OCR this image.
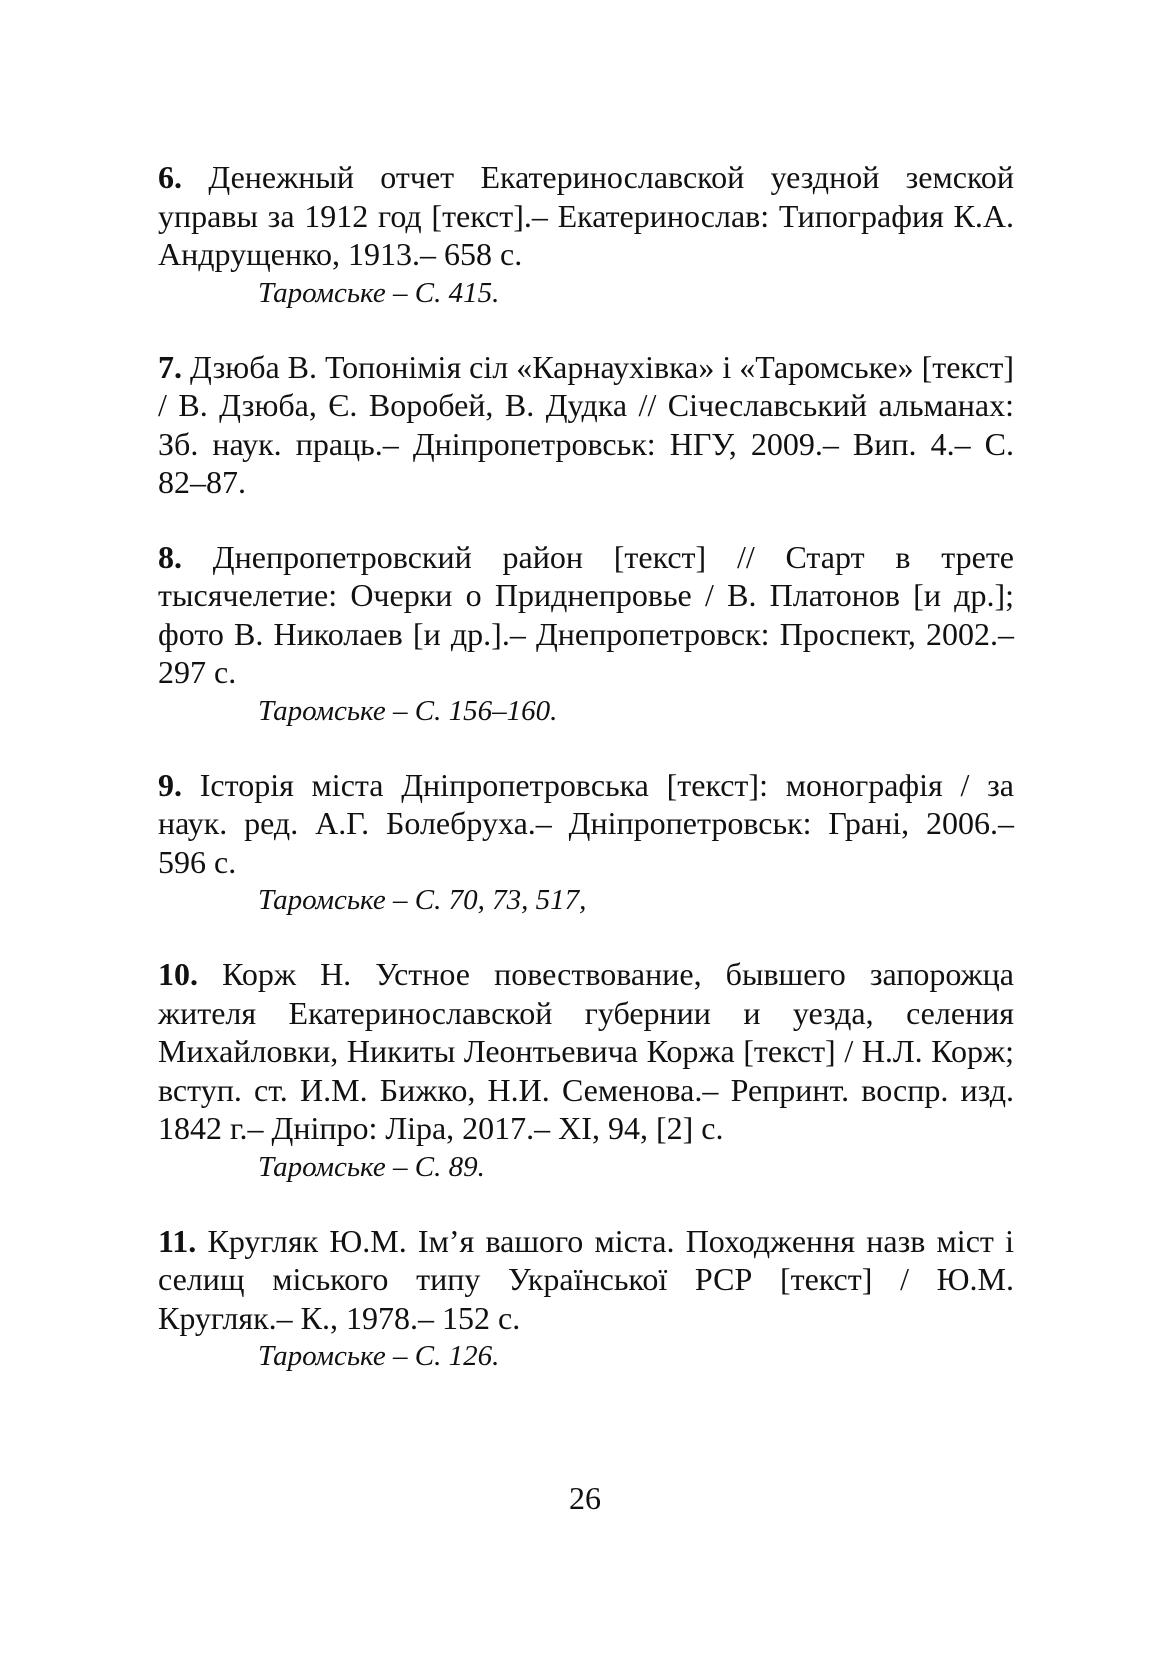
6. Денежный отчет Екатеринославской уездной земской управы за 1912 год [текст].– Екатеринослав: Типография К.А. Андрущенко, 1913.– 658 с.

Таромське – С. 415.

7. Дзюба В. Топонімія сіл «Карнаухівка» і «Таромське» [текст] / В. Дзюба, Є. Воробей, В. Дудка // Січеславський альманах: Зб. наук. праць.– Дніпропетровськ: НГУ, 2009.– Вип. 4.– С. 82–87.

8. Днепропетровский район [текст] // Старт в трете тысячелетие: Очерки о Приднепровье / В. Платонов [и др.]; фото В. Николаев [и др.].– Днепропетровск: Проспект, 2002.– 297 с.

Таромське – С. 156–160.

9. Історія міста Дніпропетровська [текст]: монографія / за наук. ред. А.Г. Болебруха.– Дніпропетровськ: Грані, 2006.– 596 с.

Таромське – С. 70, 73, 517,

10. Корж Н. Устное повествование, бывшего запорожца жителя Екатеринославской губернии и уезда, селения Михайловки, Никиты Леонтьевича Коржа [текст] / Н.Л. Корж; вступ. ст. И.М. Бижко, Н.И. Семенова.– Репринт. воспр. изд. 1842 г.– Дніпро: Ліра, 2017.– XI, 94, [2] с.

Таромське – С. 89.

11. Кругляк Ю.М. Ім’я вашого міста. Походження назв міст і селищ міського типу Української РСР [текст] / Ю.М. Кругляк.– К., 1978.– 152 с.

Таромське – С. 126.

26
